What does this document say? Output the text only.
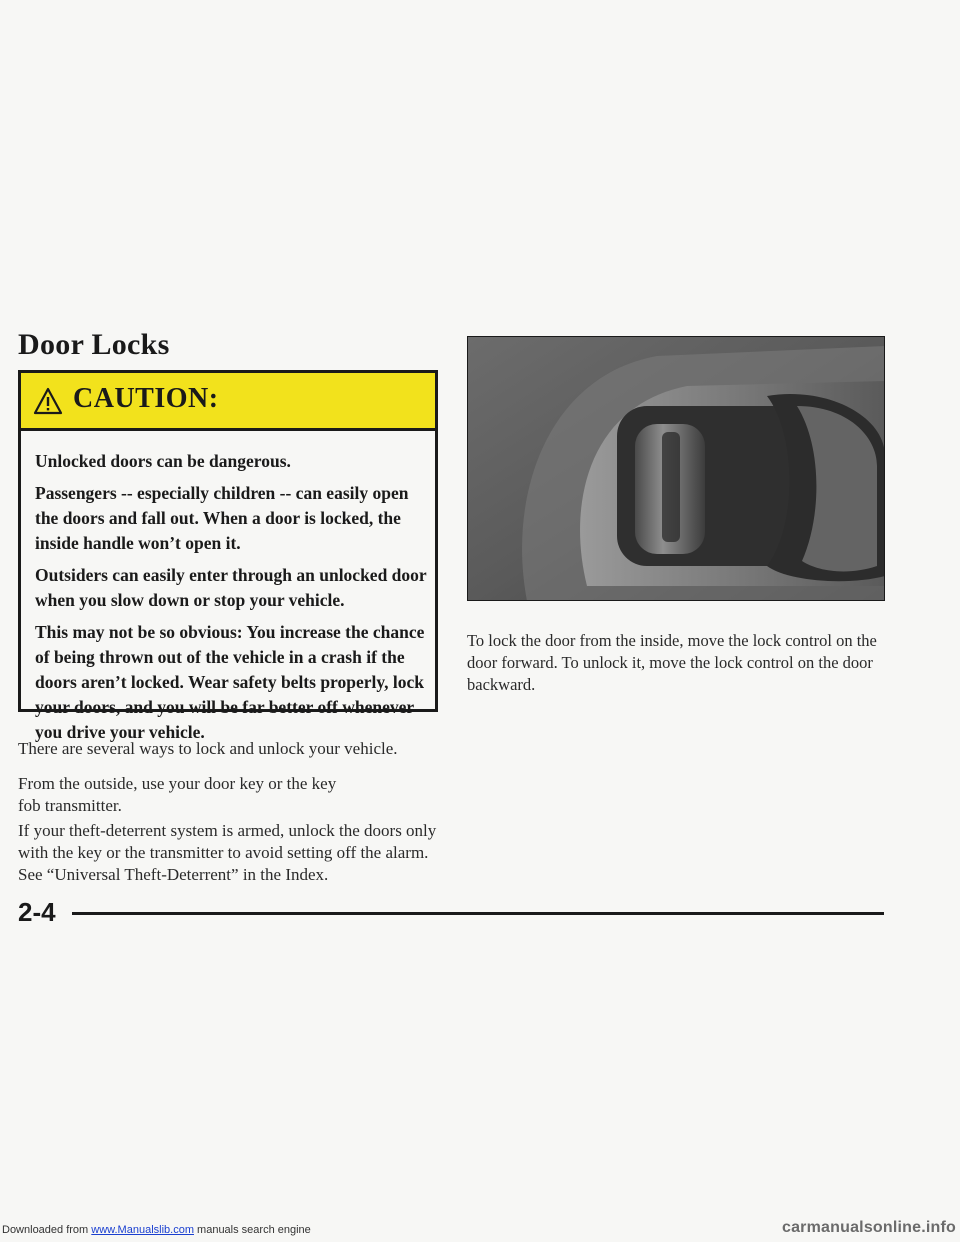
Door Locks
CAUTION:

Unlocked doors can be dangerous.

Passengers -- especially children -- can easily open the doors and fall out. When a door is locked, the inside handle won’t open it.

Outsiders can easily enter through an unlocked door when you slow down or stop your vehicle.

This may not be so obvious: You increase the chance of being thrown out of the vehicle in a crash if the doors aren’t locked. Wear safety belts properly, lock your doors, and you will be far better off whenever you drive your vehicle.

There are several ways to lock and unlock your vehicle.

From the outside, use your door key or the key fob transmitter.

If your theft-deterrent system is armed, unlock the doors only with the key or the transmitter to avoid setting off the alarm. See “Universal Theft-Deterrent” in the Index.

To lock the door from the inside, move the lock control on the door forward. To unlock it, move the lock control on the door backward.

2-4
Downloaded from www.Manualslib.com manuals search engine	carmanualsonline.info
